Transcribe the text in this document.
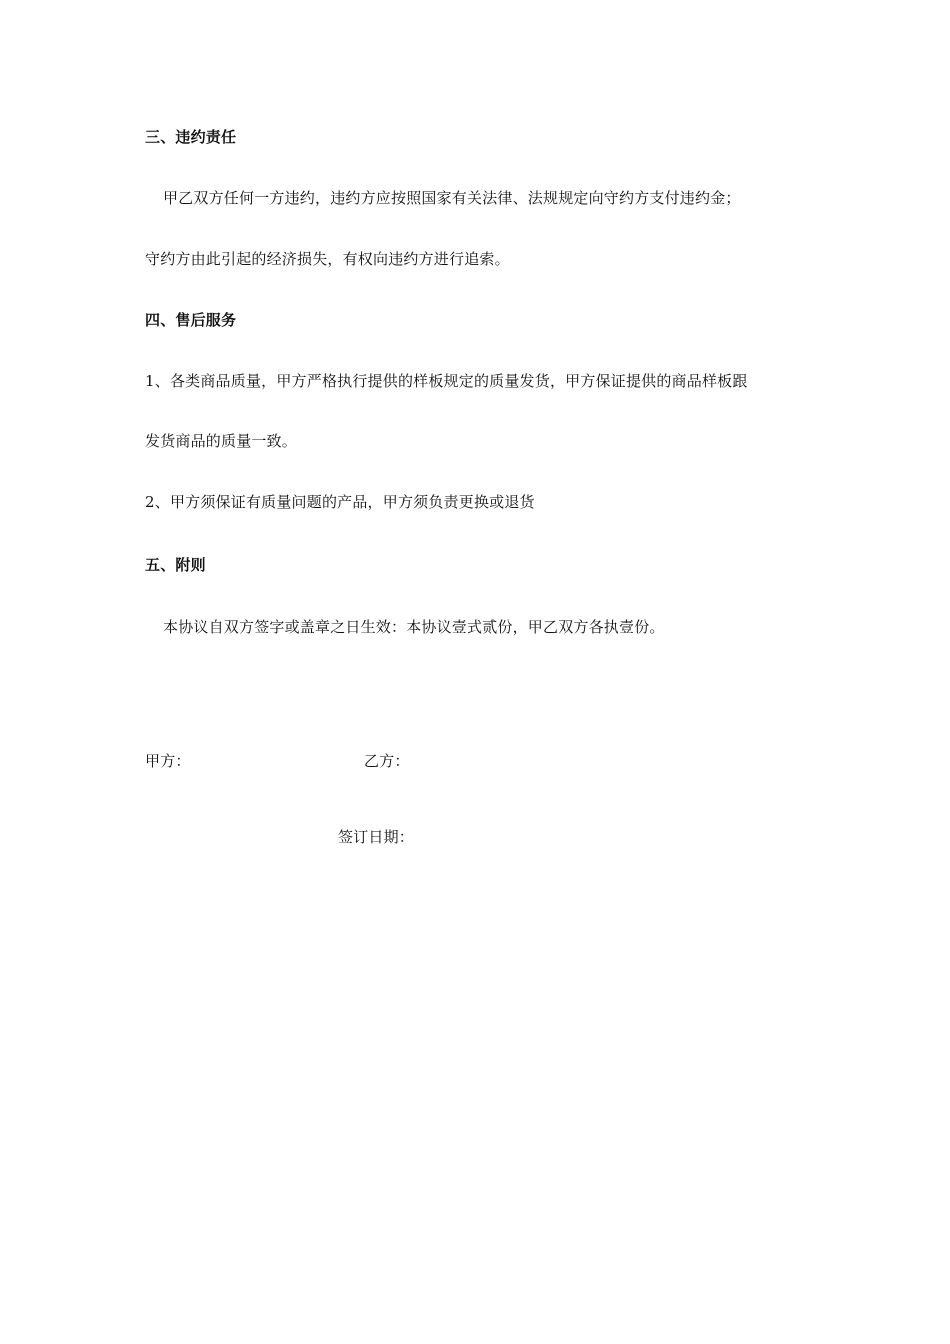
三、违约责任
甲乙双方任何一方违约，违约方应按照国家有关法律、法规规定向守约方支付违约金；
守约方由此引起的经济损失，有权向违约方进行追索。
四、售后服务
1、各类商品质量，甲方严格执行提供的样板规定的质量发货，甲方保证提供的商品样板跟
发货商品的质量一致。
2、甲方须保证有质量问题的产品，甲方须负责更换或退货
五、附则
本协议自双方签字或盖章之日生效：本协议壹式贰份，甲乙双方各执壹份。
甲方：	乙方：
签订日期：
